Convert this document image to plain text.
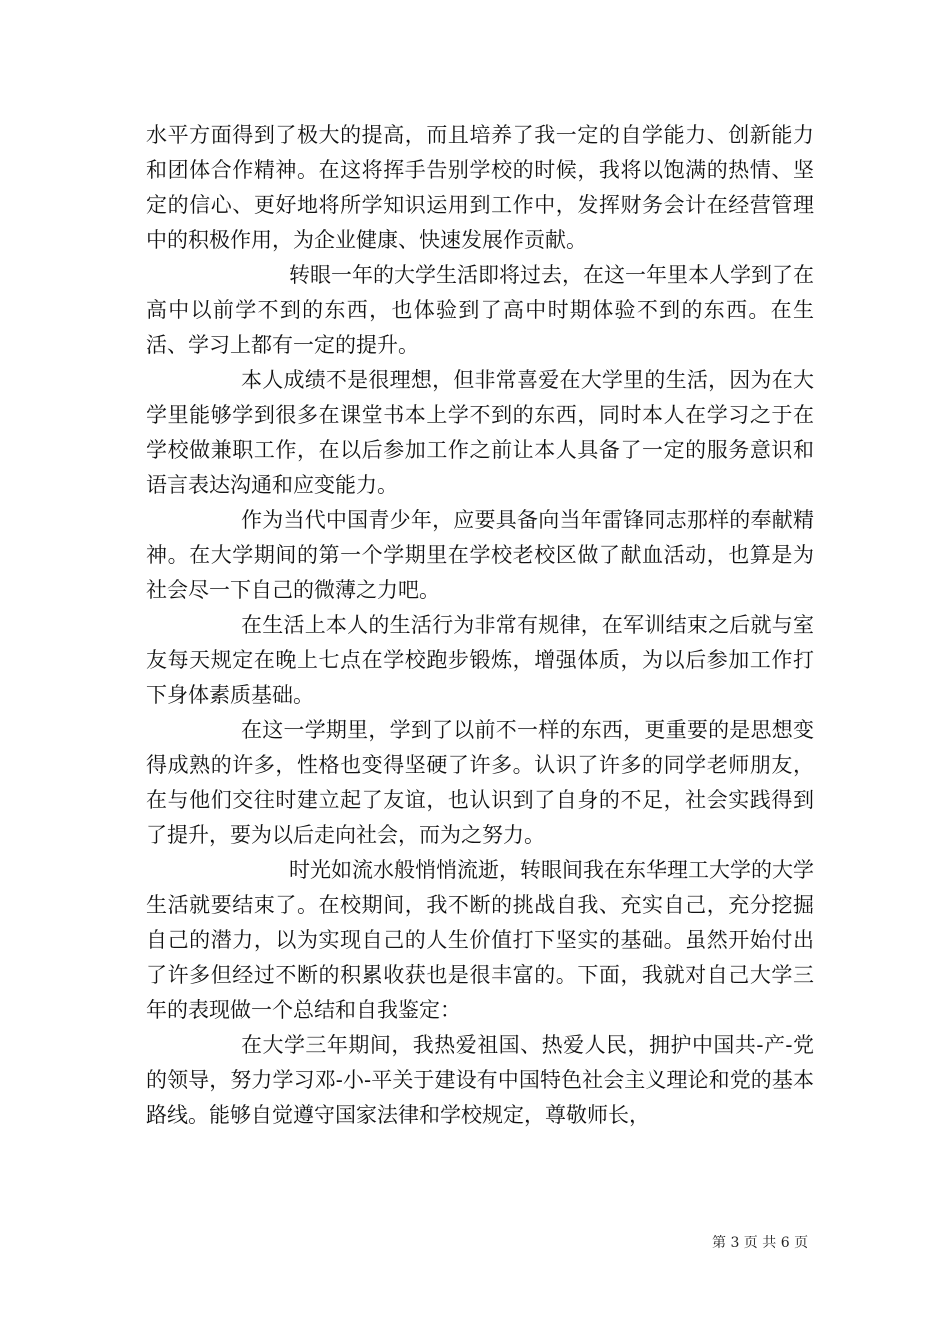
水平方面得到了极大的提高，而且培养了我一定的自学能力、创新能力和团体合作精神。在这将挥手告别学校的时候，我将以饱满的热情、坚定的信心、更好地将所学知识运用到工作中，发挥财务会计在经营管理中的积极作用，为企业健康、快速发展作贡献。

转眼一年的大学生活即将过去，在这一年里本人学到了在高中以前学不到的东西，也体验到了高中时期体验不到的东西。在生活、学习上都有一定的提升。

本人成绩不是很理想，但非常喜爱在大学里的生活，因为在大学里能够学到很多在课堂书本上学不到的东西，同时本人在学习之于在学校做兼职工作，在以后参加工作之前让本人具备了一定的服务意识和语言表达沟通和应变能力。

作为当代中国青少年，应要具备向当年雷锋同志那样的奉献精神。在大学期间的第一个学期里在学校老校区做了献血活动，也算是为社会尽一下自己的微薄之力吧。

在生活上本人的生活行为非常有规律，在军训结束之后就与室友每天规定在晚上七点在学校跑步锻炼，增强体质，为以后参加工作打下身体素质基础。

在这一学期里，学到了以前不一样的东西，更重要的是思想变得成熟的许多，性格也变得坚硬了许多。认识了许多的同学老师朋友，在与他们交往时建立起了友谊，也认识到了自身的不足，社会实践得到了提升，要为以后走向社会，而为之努力。

时光如流水般悄悄流逝，转眼间我在东华理工大学的大学生活就要结束了。在校期间，我不断的挑战自我、充实自己，充分挖掘自己的潜力，以为实现自己的人生价值打下坚实的基础。虽然开始付出了许多但经过不断的积累收获也是很丰富的。下面，我就对自己大学三年的表现做一个总结和自我鉴定：

在大学三年期间，我热爱祖国、热爱人民，拥护中国共-产-党的领导，努力学习邓-小-平关于建设有中国特色社会主义理论和党的基本路线。能够自觉遵守国家法律和学校规定，尊敬师长，

第 3 页 共 6 页
